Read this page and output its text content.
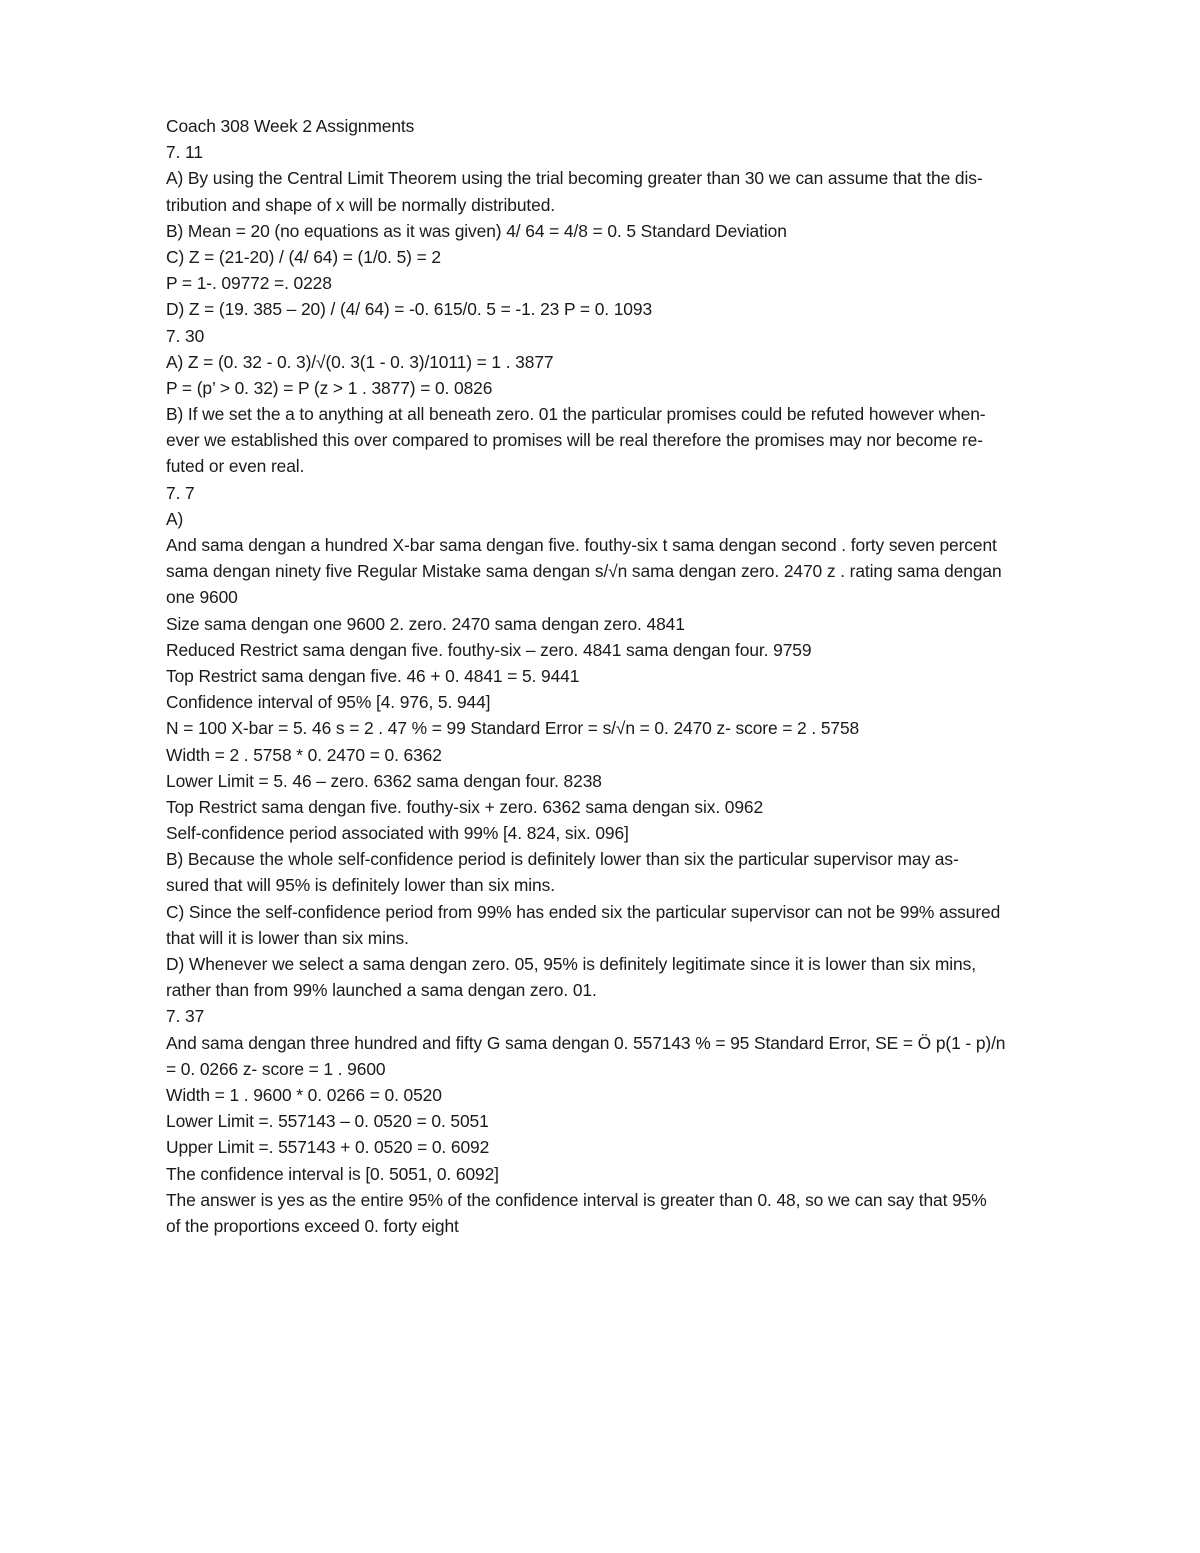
Coach 308 Week 2 Assignments
7. 11
A) By using the Central Limit Theorem using the trial becoming greater than 30 we can assume that the dis-
tribution and shape of x will be normally distributed.
B) Mean = 20 (no equations as it was given) 4/ 64 = 4/8 = 0. 5 Standard Deviation
C) Z = (21-20) / (4/ 64) = (1/0. 5) = 2
P = 1-. 09772 =. 0228
D) Z = (19. 385 – 20) / (4/ 64) = -0. 615/0. 5 = -1. 23 P = 0. 1093
7. 30
A) Z = (0. 32 - 0. 3)/√(0. 3(1 - 0. 3)/1011) = 1 . 3877
P = (p’ > 0. 32) = P (z > 1 . 3877) = 0. 0826
B) If we set the a to anything at all beneath zero. 01 the particular promises could be refuted however when-
ever we established this over compared to promises will be real therefore the promises may nor become re-
futed or even real.
7. 7
A)
And sama dengan a hundred X-bar sama dengan five. fouthy-six t sama dengan second . forty seven percent
sama dengan ninety five Regular Mistake sama dengan s/√n sama dengan zero. 2470 z . rating sama dengan
one 9600
Size sama dengan one 9600 2. zero. 2470 sama dengan zero. 4841
Reduced Restrict sama dengan five. fouthy-six – zero. 4841 sama dengan four. 9759
Top Restrict sama dengan five. 46 + 0. 4841 = 5. 9441
Confidence interval of 95% [4. 976, 5. 944]
N = 100 X-bar = 5. 46 s = 2 . 47 % = 99 Standard Error = s/√n = 0. 2470 z- score = 2 . 5758
Width = 2 . 5758 * 0. 2470 = 0. 6362
Lower Limit = 5. 46 – zero. 6362 sama dengan four. 8238
Top Restrict sama dengan five. fouthy-six + zero. 6362 sama dengan six. 0962
Self-confidence period associated with 99% [4. 824, six. 096]
B) Because the whole self-confidence period is definitely lower than six the particular supervisor may as-
sured that will 95% is definitely lower than six mins.
C) Since the self-confidence period from 99% has ended six the particular supervisor can not be 99% assured
that will it is lower than six mins.
D) Whenever we select a sama dengan zero. 05, 95% is definitely legitimate since it is lower than six mins,
rather than from 99% launched a sama dengan zero. 01.
7. 37
And sama dengan three hundred and fifty G sama dengan 0. 557143 % = 95 Standard Error, SE = Ö p(1 - p)/n
= 0. 0266 z- score = 1 . 9600
Width = 1 . 9600 * 0. 0266 = 0. 0520
Lower Limit =. 557143 – 0. 0520 = 0. 5051
Upper Limit =. 557143 + 0. 0520 = 0. 6092
The confidence interval is [0. 5051, 0. 6092]
The answer is yes as the entire 95% of the confidence interval is greater than 0. 48, so we can say that 95%
of the proportions exceed 0. forty eight
